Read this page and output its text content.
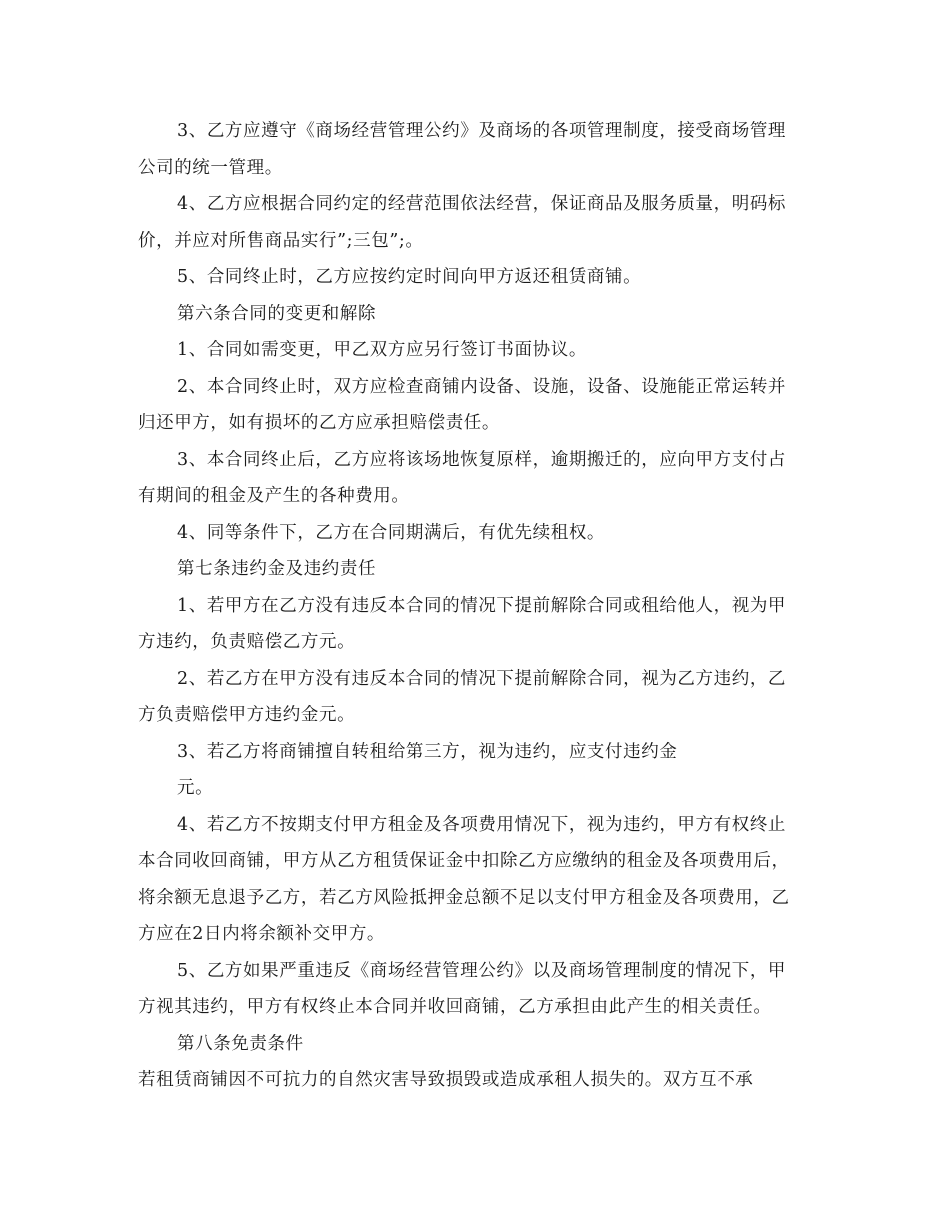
3、乙方应遵守《商场经营管理公约》及商场的各项管理制度，接受商场管理
公司的统一管理。
4、乙方应根据合同约定的经营范围依法经营，保证商品及服务质量，明码标
价，并应对所售商品实行”;三包”;。
5、合同终止时，乙方应按约定时间向甲方返还租赁商铺。
第六条合同的变更和解除
1、合同如需变更，甲乙双方应另行签订书面协议。
2、本合同终止时，双方应检查商铺内设备、设施，设备、设施能正常运转并
归还甲方，如有损坏的乙方应承担赔偿责任。
3、本合同终止后，乙方应将该场地恢复原样，逾期搬迁的，应向甲方支付占
有期间的租金及产生的各种费用。
4、同等条件下，乙方在合同期满后，有优先续租权。
第七条违约金及违约责任
1、若甲方在乙方没有违反本合同的情况下提前解除合同或租给他人，视为甲
方违约，负责赔偿乙方元。
2、若乙方在甲方没有违反本合同的情况下提前解除合同，视为乙方违约，乙
方负责赔偿甲方违约金元。
3、若乙方将商铺擅自转租给第三方，视为违约，应支付违约金
元。
4、若乙方不按期支付甲方租金及各项费用情况下，视为违约，甲方有权终止
本合同收回商铺，甲方从乙方租赁保证金中扣除乙方应缴纳的租金及各项费用后，
将余额无息退予乙方，若乙方风险抵押金总额不足以支付甲方租金及各项费用，乙
方应在2日内将余额补交甲方。
5、乙方如果严重违反《商场经营管理公约》以及商场管理制度的情况下，甲
方视其违约，甲方有权终止本合同并收回商铺，乙方承担由此产生的相关责任。
第八条免责条件
若租赁商铺因不可抗力的自然灾害导致损毁或造成承租人损失的。双方互不承
